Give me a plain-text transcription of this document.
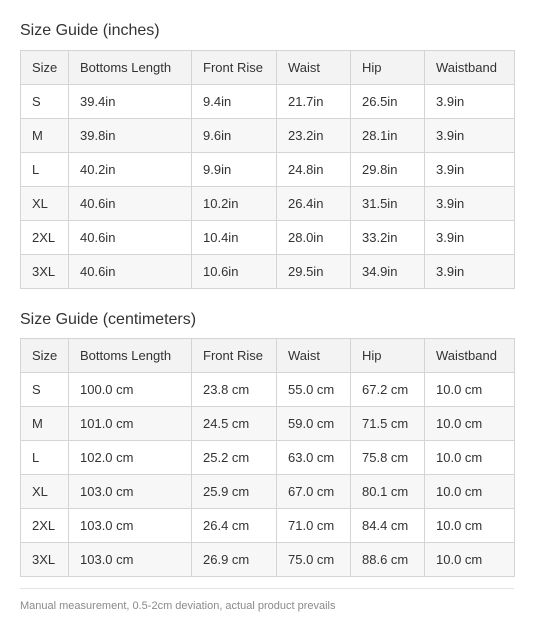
Size Guide (inches)
Size	Bottoms Length	Front Rise	Waist	Hip	Waistband
S	39.4in	9.4in	21.7in	26.5in	3.9in
M	39.8in	9.6in	23.2in	28.1in	3.9in
L	40.2in	9.9in	24.8in	29.8in	3.9in
XL	40.6in	10.2in	26.4in	31.5in	3.9in
2XL	40.6in	10.4in	28.0in	33.2in	3.9in
3XL	40.6in	10.6in	29.5in	34.9in	3.9in
Size Guide (centimeters)
Size	Bottoms Length	Front Rise	Waist	Hip	Waistband
S	100.0 cm	23.8 cm	55.0 cm	67.2 cm	10.0 cm
M	101.0 cm	24.5 cm	59.0 cm	71.5 cm	10.0 cm
L	102.0 cm	25.2 cm	63.0 cm	75.8 cm	10.0 cm
XL	103.0 cm	25.9 cm	67.0 cm	80.1 cm	10.0 cm
2XL	103.0 cm	26.4 cm	71.0 cm	84.4 cm	10.0 cm
3XL	103.0 cm	26.9 cm	75.0 cm	88.6 cm	10.0 cm
Manual measurement, 0.5-2cm deviation, actual product prevails
